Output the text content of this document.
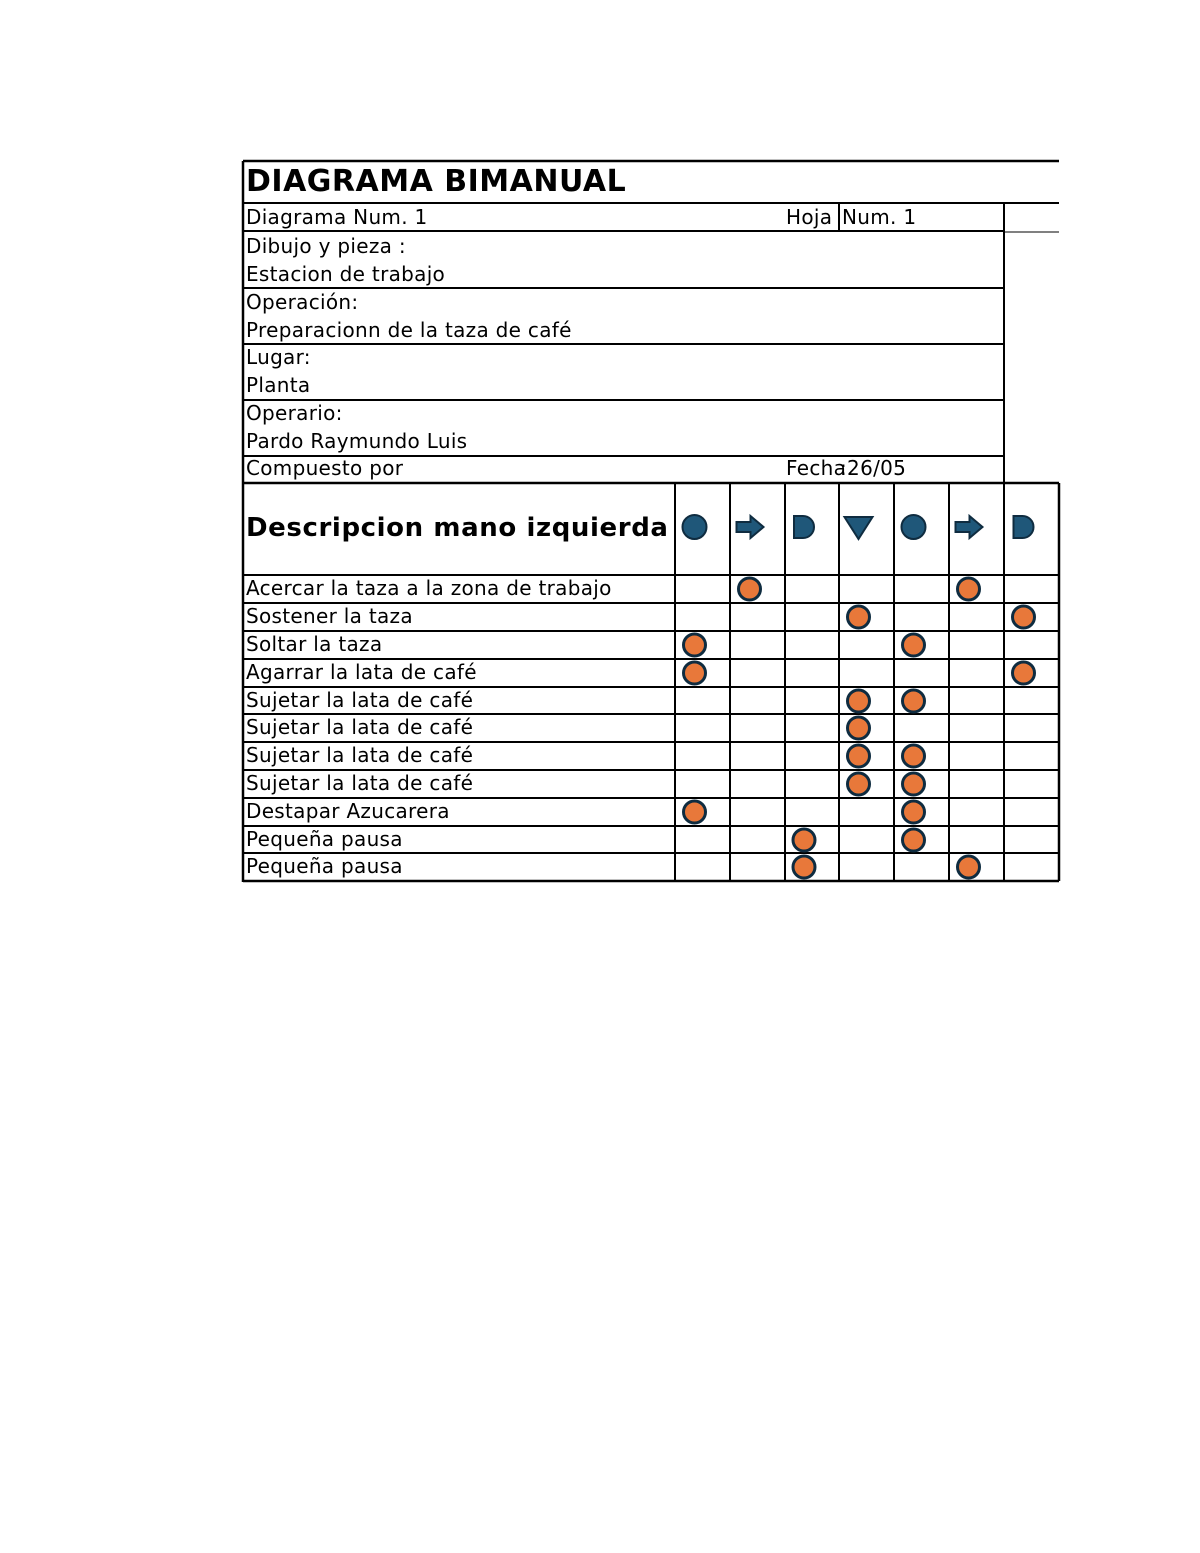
DIAGRAMA BIMANUAL
Diagrama Num. 1	Hoja Num. 1
Dibujo y pieza :
Estacion de trabajo
Operación:
Preparacionn de la taza de café
Lugar:
Planta
Operario:
Pardo Raymundo Luis
Compuesto por	Fecha
:26/05
Descripcion mano izquierda
Acercar la taza a la zona de trabajo
Sostener la taza
Soltar la taza
Agarrar la lata de café
Sujetar la lata de café
Sujetar la lata de café
Sujetar la lata de café
Sujetar la lata de café
Destapar Azucarera
Pequeña pausa
Pequeña pausa
